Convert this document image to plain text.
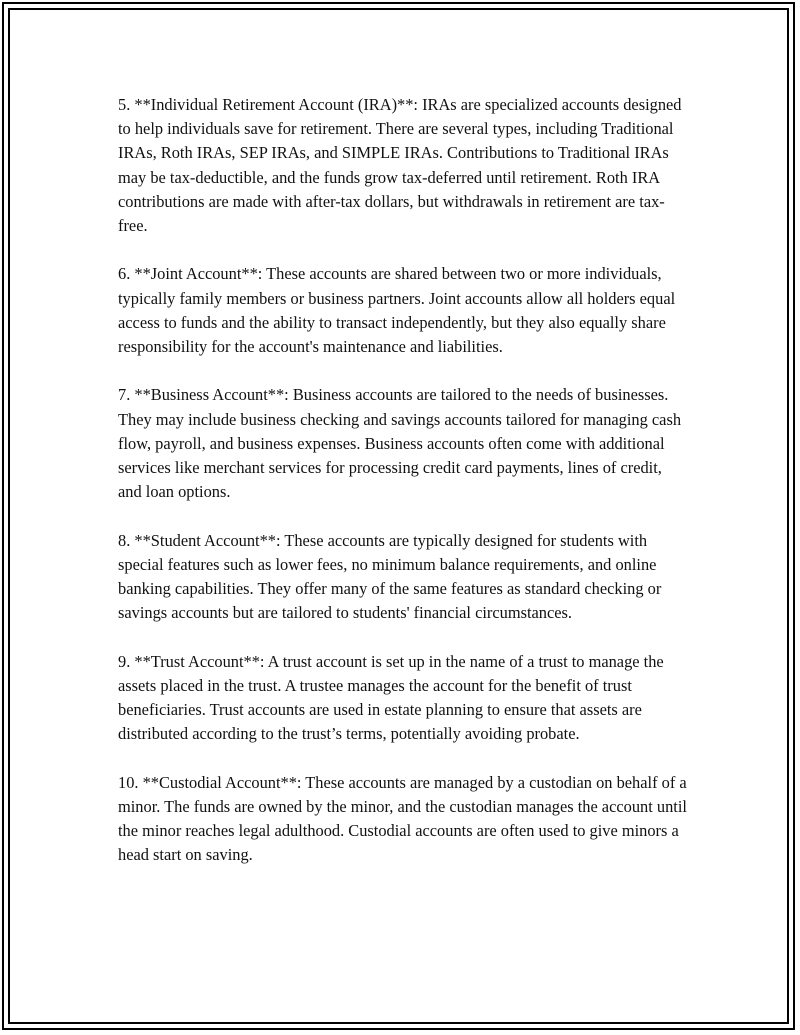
5. **Individual Retirement Account (IRA)**: IRAs are specialized accounts designed to help individuals save for retirement. There are several types, including Traditional IRAs, Roth IRAs, SEP IRAs, and SIMPLE IRAs. Contributions to Traditional IRAs may be tax-deductible, and the funds grow tax-deferred until retirement. Roth IRA contributions are made with after-tax dollars, but withdrawals in retirement are tax-free.

6. **Joint Account**: These accounts are shared between two or more individuals, typically family members or business partners. Joint accounts allow all holders equal access to funds and the ability to transact independently, but they also equally share responsibility for the account's maintenance and liabilities.

7. **Business Account**: Business accounts are tailored to the needs of businesses. They may include business checking and savings accounts tailored for managing cash flow, payroll, and business expenses. Business accounts often come with additional services like merchant services for processing credit card payments, lines of credit, and loan options.

8. **Student Account**: These accounts are typically designed for students with special features such as lower fees, no minimum balance requirements, and online banking capabilities. They offer many of the same features as standard checking or savings accounts but are tailored to students' financial circumstances.

9. **Trust Account**: A trust account is set up in the name of a trust to manage the assets placed in the trust. A trustee manages the account for the benefit of trust beneficiaries. Trust accounts are used in estate planning to ensure that assets are distributed according to the trust’s terms, potentially avoiding probate.

10. **Custodial Account**: These accounts are managed by a custodian on behalf of a minor. The funds are owned by the minor, and the custodian manages the account until the minor reaches legal adulthood. Custodial accounts are often used to give minors a head start on saving.
